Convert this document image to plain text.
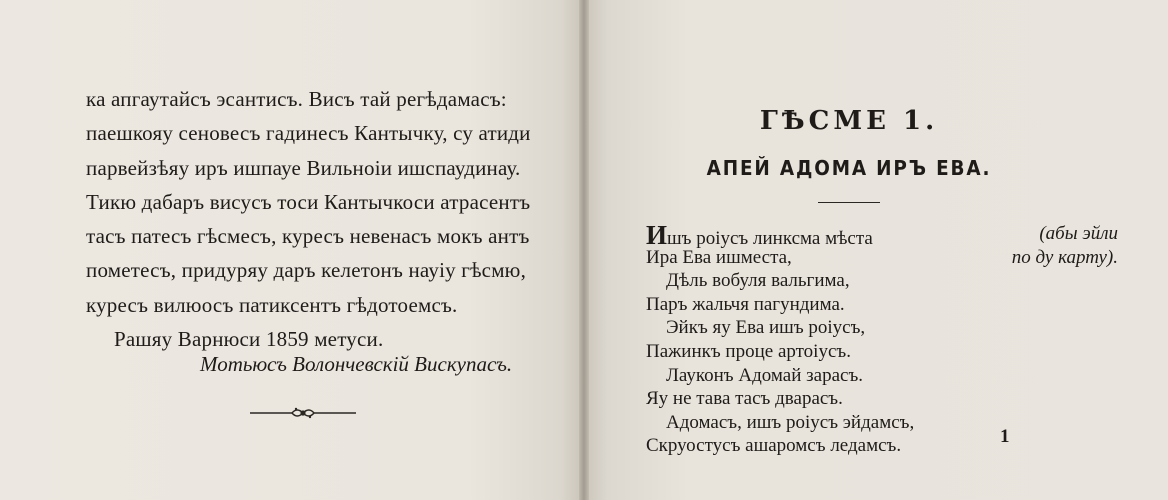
ка апгаутайсъ эсантисъ. Висъ тай регѣдамасъ:
паешкояу сеновесъ гадинесъ Кантычку, су атиди
парвейзѣяу иръ ишпауе Вильноіи ишспаудинау.
Тикю дабаръ висусъ тоси Кантычкоси атрасентъ
тасъ патесъ гѣсмесъ, куресъ невенасъ мокъ антъ
пометесъ, придуряу даръ келетонъ науіу гѣсмю,
куресъ вилюосъ патиксентъ гѣдотоемсъ.
Рашяу Варнюси 1859 метуси.
Мотьюсъ Волончевскій Вискупасъ.
ГѢСМЕ 1.
АПЕЙ АДОМА ИРЪ ЕВА.
Ишъ роіусъ линксма мѣста
Ира Ева ишместа,
Дѣль вобуля вальгима,
Паръ жальчя пагундима.
Эйкъ яу Ева ишъ роіусъ,
Пажинкъ проце артоіусъ.
Лауконъ Адомай зарасъ.
Яу не тава тасъ дварасъ.
Адомасъ, ишъ роіусъ эйдамсъ,
Скруостусъ ашаромсъ ледамсъ.
(абы эйли
по ду карту).
1
